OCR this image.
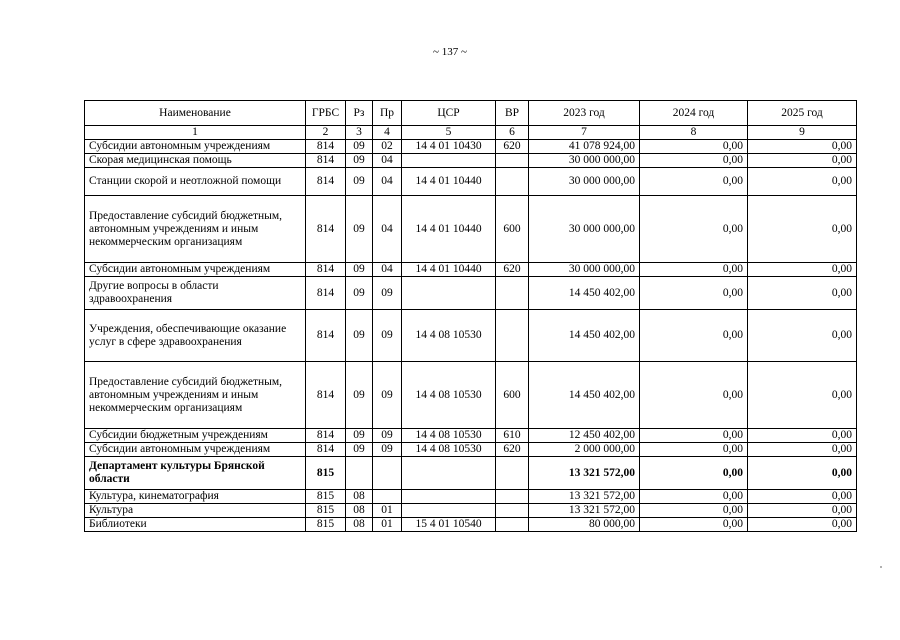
~ 137 ~
Наименование	ГРБС	Рз	Пр	ЦСР	ВР	2023 год	2024 год	2025 год
1	2	3	4	5	6	7	8	9
Субсидии автономным учреждениям	814	09	02	14 4 01 10430	620	41 078 924,00	0,00	0,00
Скорая медицинская помощь	814	09	04			30 000 000,00	0,00	0,00
Станции скорой и неотложной помощи	814	09	04	14 4 01 10440		30 000 000,00	0,00	0,00
Предоставление субсидий бюджетным, автономным учреждениям и иным некоммерческим организациям	814	09	04	14 4 01 10440	600	30 000 000,00	0,00	0,00
Субсидии автономным учреждениям	814	09	04	14 4 01 10440	620	30 000 000,00	0,00	0,00
Другие вопросы в области здравоохранения	814	09	09			14 450 402,00	0,00	0,00
Учреждения, обеспечивающие оказание услуг в сфере здравоохранения	814	09	09	14 4 08 10530		14 450 402,00	0,00	0,00
Предоставление субсидий бюджетным, автономным учреждениям и иным некоммерческим организациям	814	09	09	14 4 08 10530	600	14 450 402,00	0,00	0,00
Субсидии бюджетным учреждениям	814	09	09	14 4 08 10530	610	12 450 402,00	0,00	0,00
Субсидии автономным учреждениям	814	09	09	14 4 08 10530	620	2 000 000,00	0,00	0,00
Департамент культуры Брянской области	815					13 321 572,00	0,00	0,00
Культура, кинематография	815	08				13 321 572,00	0,00	0,00
Культура	815	08	01			13 321 572,00	0,00	0,00
Библиотеки	815	08	01	15 4 01 10540		80 000,00	0,00	0,00
